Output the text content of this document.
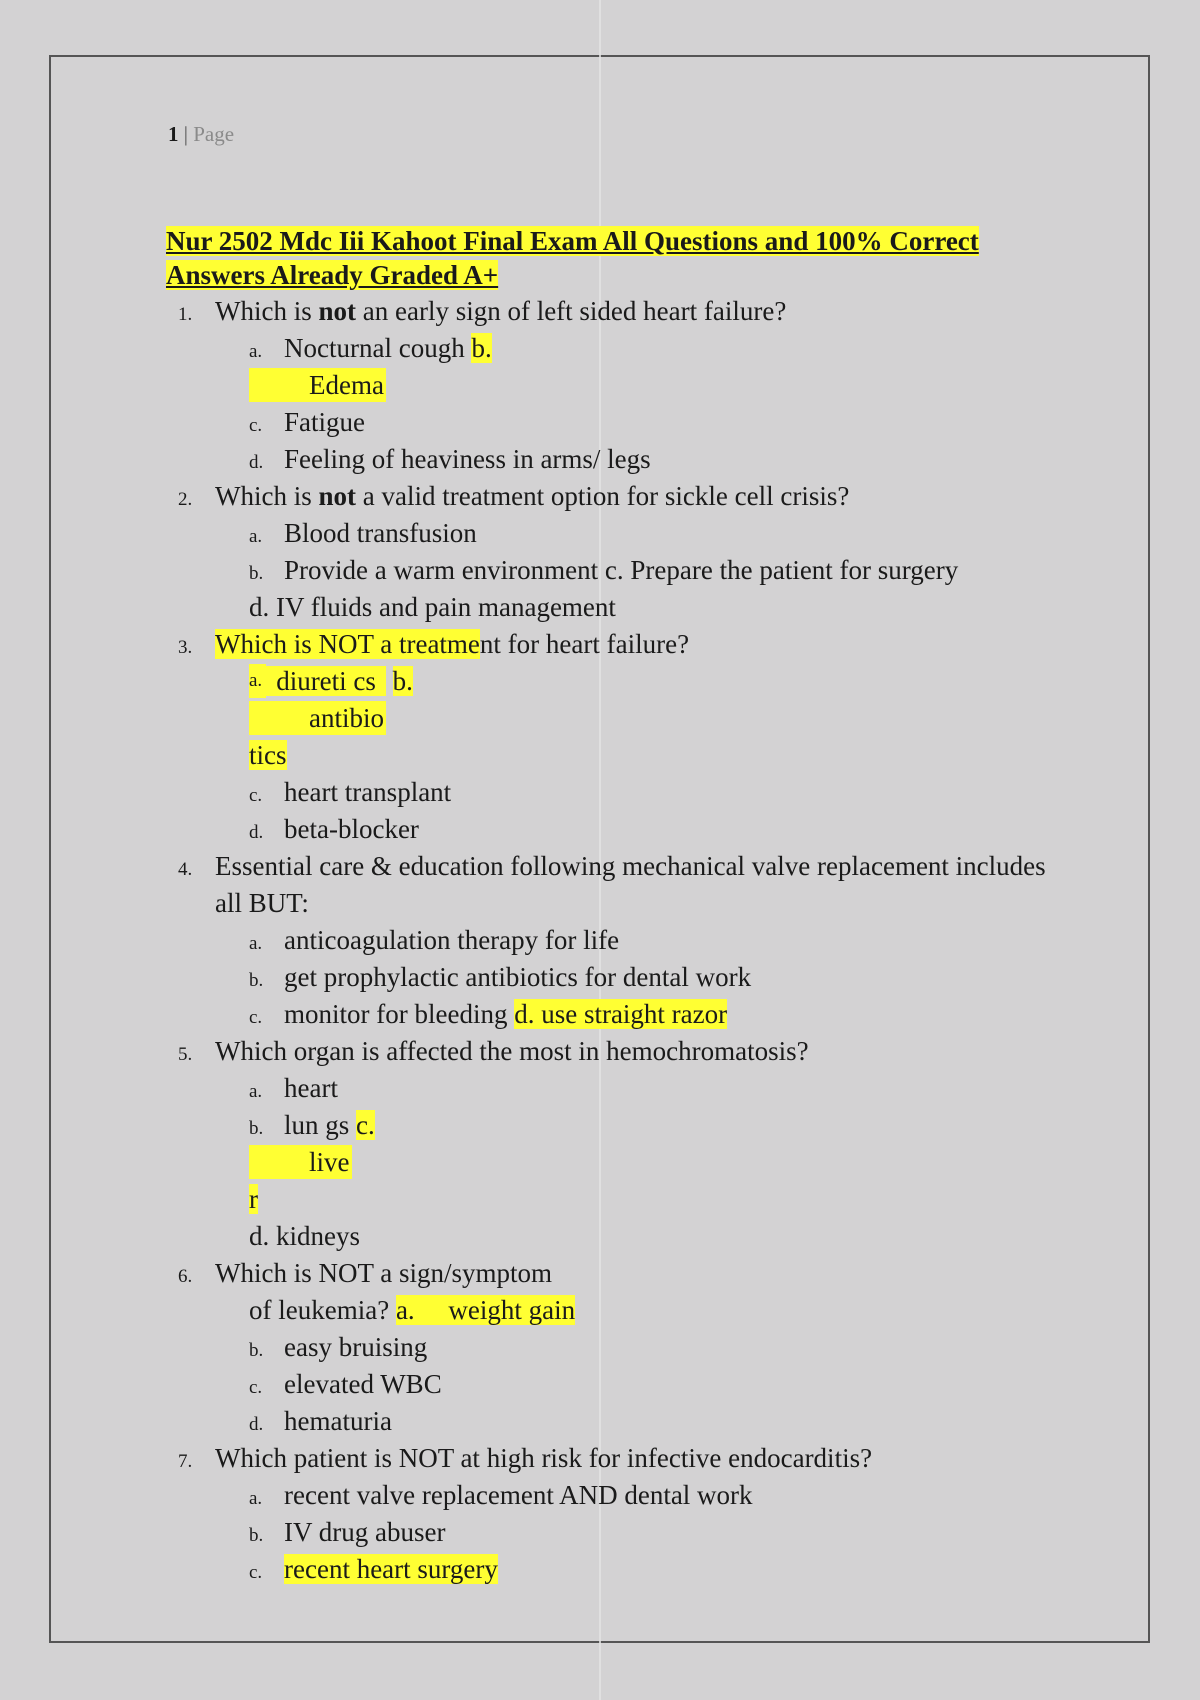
1 | Page
Nur 2502 Mdc Iii Kahoot Final Exam All Questions and 100% Correct
Answers Already Graded A+
1. Which is not an early sign of left sided heart failure?
a. Nocturnal cough b.
Edema
c. Fatigue
d. Feeling of heaviness in arms/ legs
2. Which is not a valid treatment option for sickle cell crisis?
a. Blood transfusion
b. Provide a warm environment c. Prepare the patient for surgery
d. IV fluids and pain management
3. Which is NOT a treatment for heart failure?
a. diureti cs b.
antibio
tics
c. heart transplant
d. beta-blocker
4. Essential care & education following mechanical valve replacement includes
all BUT:
a. anticoagulation therapy for life
b. get prophylactic antibiotics for dental work
c. monitor for bleeding d. use straight razor
5. Which organ is affected the most in hemochromatosis?
a. heart
b. lun gs c.
live
r
d. kidneys
6. Which is NOT a sign/symptom
of leukemia? a.     weight gain
b. easy bruising
c. elevated WBC
d. hematuria
7. Which patient is NOT at high risk for infective endocarditis?
a. recent valve replacement AND dental work
b. IV drug abuser
c. recent heart surgery
